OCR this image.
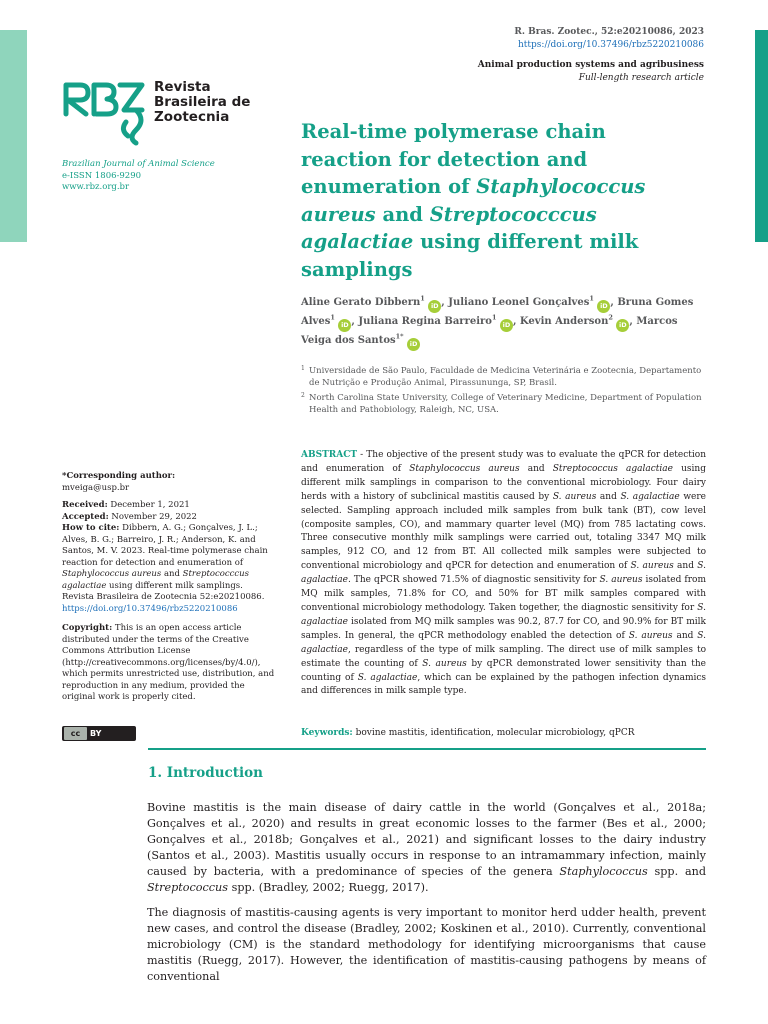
R. Bras. Zootec., 52:e20210086, 2023
https://doi.org/10.37496/rbz5220210086
Animal production systems and agribusiness
Full-length research article
Revista
Brasileira de
Zootecnia
Brazilian Journal of Animal Science
e-ISSN 1806-9290
www.rbz.org.br
Real-time polymerase chain reaction for detection and enumeration of Staphylococcus aureus and Streptococccus agalactiae using different milk samplings
Aline Gerato Dibbern$^1$ iD , Juliano Leonel Gonçalves$^1$ iD , Bruna Gomes Alves$^1$ iD , Juliana Regina Barreiro$^1$ iD , Kevin Anderson$^2$ iD , Marcos Veiga dos Santos$^{1*}$ iD
1 Universidade de São Paulo, Faculdade de Medicina Veterinária e Zootecnia, Departamento de Nutrição e Produção Animal, Pirassununga, SP, Brasil.
2 North Carolina State University, College of Veterinary Medicine, Department of Population Health and Pathobiology, Raleigh, NC, USA.

*Corresponding author:

mveiga@usp.br

Received: December 1, 2021

Accepted: November 29, 2022

How to cite: Dibbern, A. G.; Gonçalves, J. L.; Alves, B. G.; Barreiro, J. R.; Anderson, K. and Santos, M. V. 2023. Real-time polymerase chain reaction for detection and enumeration of Staphylococcus aureus and Streptococccus agalactiae using different milk samplings. Revista Brasileira de Zootecnia 52:e20210086. https://doi.org/10.37496/rbz5220210086

Copyright: This is an open access article distributed under the terms of the Creative Commons Attribution License (http://creativecommons.org/licenses/by/4.0/), which permits unrestricted use, distribution, and reproduction in any medium, provided the original work is properly cited.

cc	BY

ABSTRACT - The objective of the present study was to evaluate the qPCR for detection and enumeration of Staphylococcus aureus and Streptococcus agalactiae using different milk samplings in comparison to the conventional microbiology. Four dairy herds with a history of subclinical mastitis caused by S. aureus and S. agalactiae were selected. Sampling approach included milk samples from bulk tank (BT), cow level (composite samples, CO), and mammary quarter level (MQ) from 785 lactating cows. Three consecutive monthly milk samplings were carried out, totaling 3347 MQ milk samples, 912 CO, and 12 from BT. All collected milk samples were subjected to conventional microbiology and qPCR for detection and enumeration of S. aureus and S. agalactiae. The qPCR showed 71.5% of diagnostic sensitivity for S. aureus isolated from MQ milk samples, 71.8% for CO, and 50% for BT milk samples compared with conventional microbiology methodology. Taken together, the diagnostic sensitivity for S. agalactiae isolated from MQ milk samples was 90.2, 87.7 for CO, and 90.9% for BT milk samples. In general, the qPCR methodology enabled the detection of S. aureus and S. agalactiae, regardless of the type of milk sampling. The direct use of milk samples to estimate the counting of S. aureus by qPCR demonstrated lower sensitivity than the counting of S. agalactiae, which can be explained by the pathogen infection dynamics and differences in milk sample type.

Keywords: bovine mastitis, identification, molecular microbiology, qPCR
1. Introduction

Bovine mastitis is the main disease of dairy cattle in the world (Gonçalves et al., 2018a; Gonçalves et al., 2020) and results in great economic losses to the farmer (Bes et al., 2000; Gonçalves et al., 2018b; Gonçalves et al., 2021) and significant losses to the dairy industry (Santos et al., 2003). Mastitis usually occurs in response to an intramammary infection, mainly caused by bacteria, with a predominance of species of the genera Staphylococcus spp. and Streptococcus spp. (Bradley, 2002; Ruegg, 2017).

The diagnosis of mastitis-causing agents is very important to monitor herd udder health, prevent new cases, and control the disease (Bradley, 2002; Koskinen et al., 2010). Currently, conventional microbiology (CM) is the standard methodology for identifying microorganisms that cause mastitis (Ruegg, 2017). However, the identification of mastitis-causing pathogens by means of conventional
